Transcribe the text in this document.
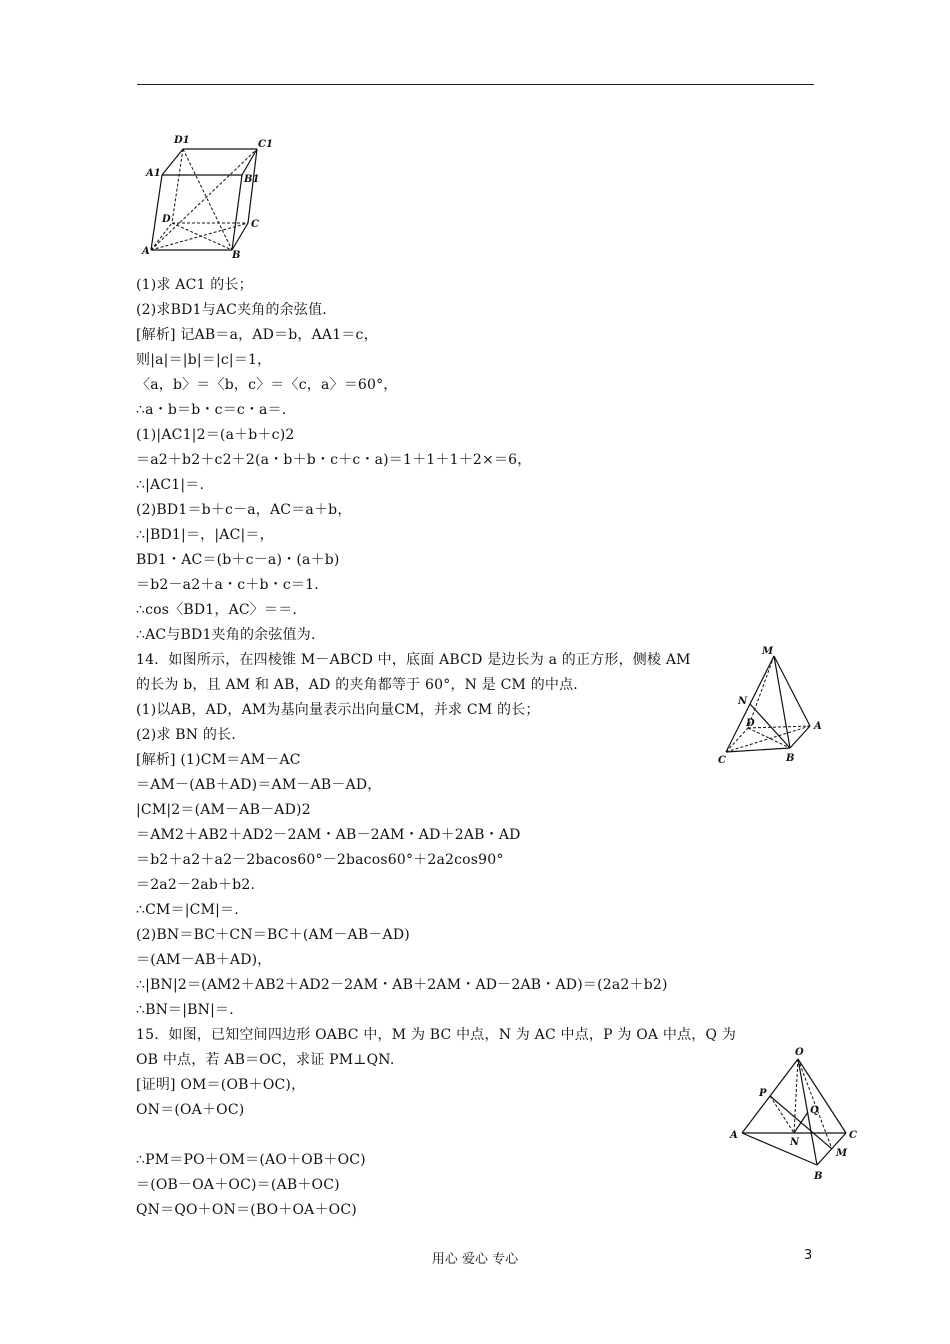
D1	C1
A1
B1
D	C
A	B
M
N
D	A
C	B
O
P
Q
A
N
C
M
B
(1)求 AC1 的长；
(2)求BD1与AC夹角的余弦值.
[解析] 记AB＝a，AD＝b，AA1＝c，
则|a|＝|b|＝|c|＝1，
〈a，b〉＝〈b，c〉＝〈c，a〉＝60°，
∴a・b＝b・c＝c・a＝.
(1)|AC1|2＝(a＋b＋c)2
＝a2＋b2＋c2＋2(a・b＋b・c＋c・a)＝1＋1＋1＋2×＝6，
∴|AC1|＝.
(2)BD1＝b＋c－a，AC＝a＋b，
∴|BD1|＝，|AC|＝，
BD1・AC＝(b＋c－a)・(a＋b)
＝b2－a2＋a・c＋b・c＝1.
∴cos〈BD1，AC〉＝＝.
∴AC与BD1夹角的余弦值为.
14．如图所示，在四棱锥 M－ABCD 中，底面 ABCD 是边长为 a 的正方形，侧棱 AM
的长为 b，且 AM 和 AB，AD 的夹角都等于 60°，N 是 CM 的中点.
(1)以AB，AD，AM为基向量表示出向量CM，并求 CM 的长；
(2)求 BN 的长.
[解析] (1)CM＝AM－AC
＝AM－(AB＋AD)＝AM－AB－AD，
|CM|2＝(AM－AB－AD)2
＝AM2＋AB2＋AD2－2AM・AB－2AM・AD＋2AB・AD
＝b2＋a2＋a2－2bacos60°－2bacos60°＋2a2cos90°
＝2a2－2ab＋b2.
∴CM＝|CM|＝.
(2)BN＝BC＋CN＝BC＋(AM－AB－AD)
＝(AM－AB＋AD)，
∴|BN|2＝(AM2＋AB2＋AD2－2AM・AB＋2AM・AD－2AB・AD)＝(2a2＋b2)
∴BN＝|BN|＝.
15．如图，已知空间四边形 OABC 中，M 为 BC 中点，N 为 AC 中点，P 为 OA 中点，Q 为
OB 中点，若 AB＝OC，求证 PM⊥QN.
[证明] OM＝(OB＋OC)，
ON＝(OA＋OC)
∴PM＝PO＋OM＝(AO＋OB＋OC)
＝(OB－OA＋OC)＝(AB＋OC)
QN＝QO＋ON＝(BO＋OA＋OC)
用心 爱心 专心	3
